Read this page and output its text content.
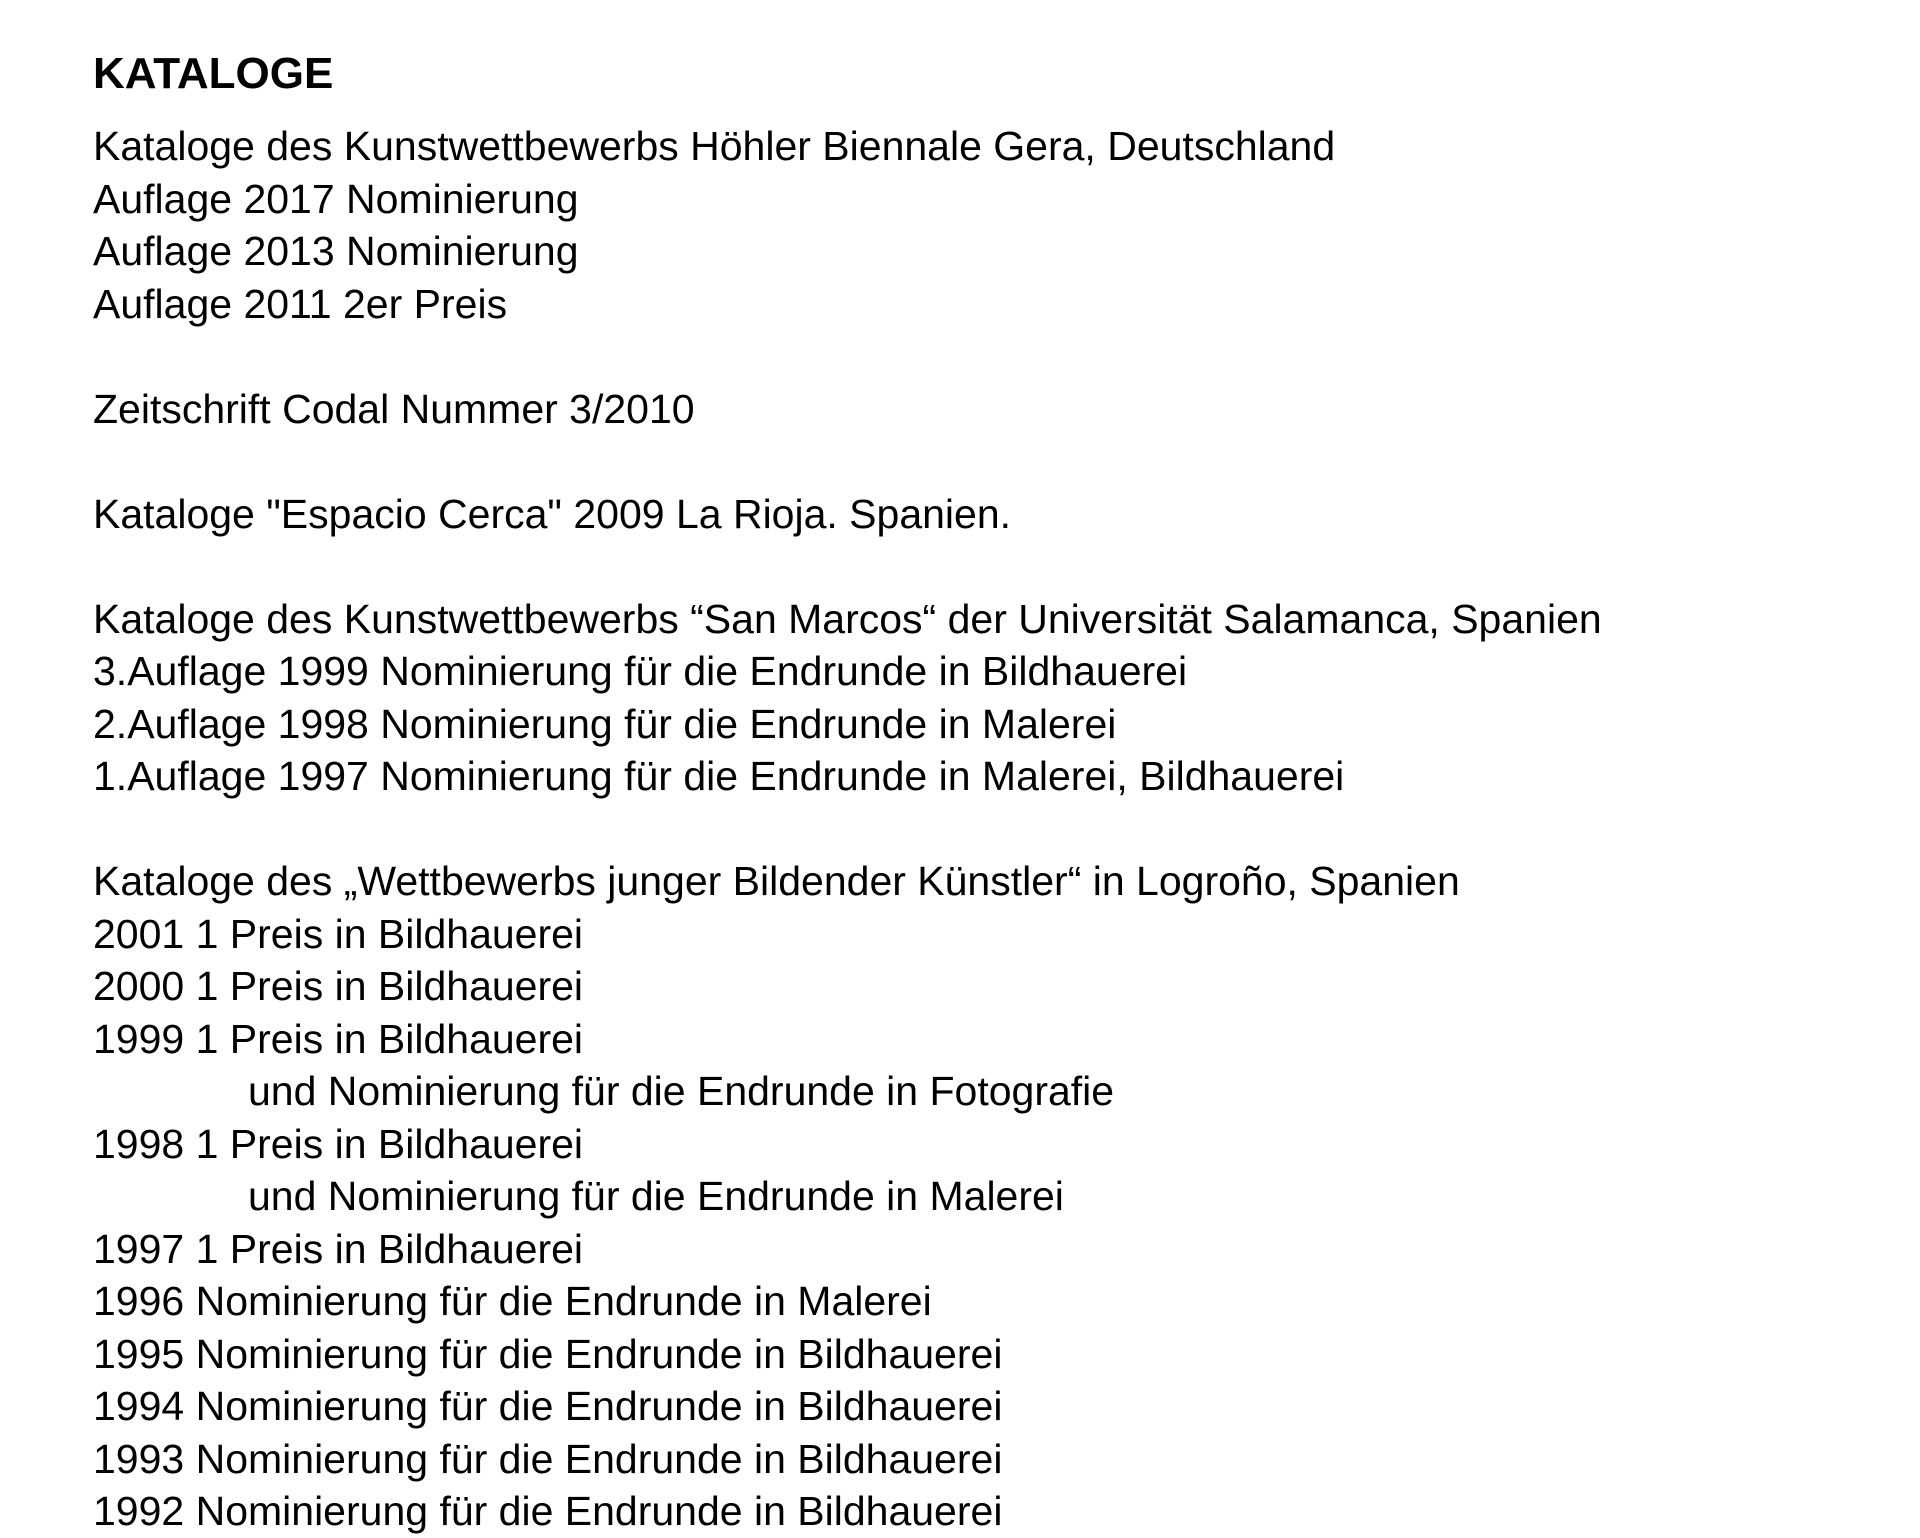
KATALOGE
Kataloge des Kunstwettbewerbs Höhler Biennale Gera, Deutschland
Auflage 2017 Nominierung
Auflage 2013 Nominierung
Auflage 2011 2er Preis
Zeitschrift Codal Nummer 3/2010
Kataloge "Espacio Cerca" 2009 La Rioja. Spanien.
Kataloge des Kunstwettbewerbs “San Marcos“ der Universität Salamanca, Spanien
3.Auflage 1999 Nominierung für die Endrunde in Bildhauerei
2.Auflage 1998 Nominierung für die Endrunde in Malerei
1.Auflage 1997 Nominierung für die Endrunde in Malerei, Bildhauerei
Kataloge des „Wettbewerbs junger Bildender Künstler“ in Logroño, Spanien
2001 1 Preis in Bildhauerei
2000 1 Preis in Bildhauerei
1999 1 Preis in Bildhauerei
und Nominierung für die Endrunde in Fotografie
1998 1 Preis in Bildhauerei
und Nominierung für die Endrunde in Malerei
1997 1 Preis in Bildhauerei
1996 Nominierung für die Endrunde in Malerei
1995 Nominierung für die Endrunde in Bildhauerei
1994 Nominierung für die Endrunde in Bildhauerei
1993 Nominierung für die Endrunde in Bildhauerei
1992 Nominierung für die Endrunde in Bildhauerei
